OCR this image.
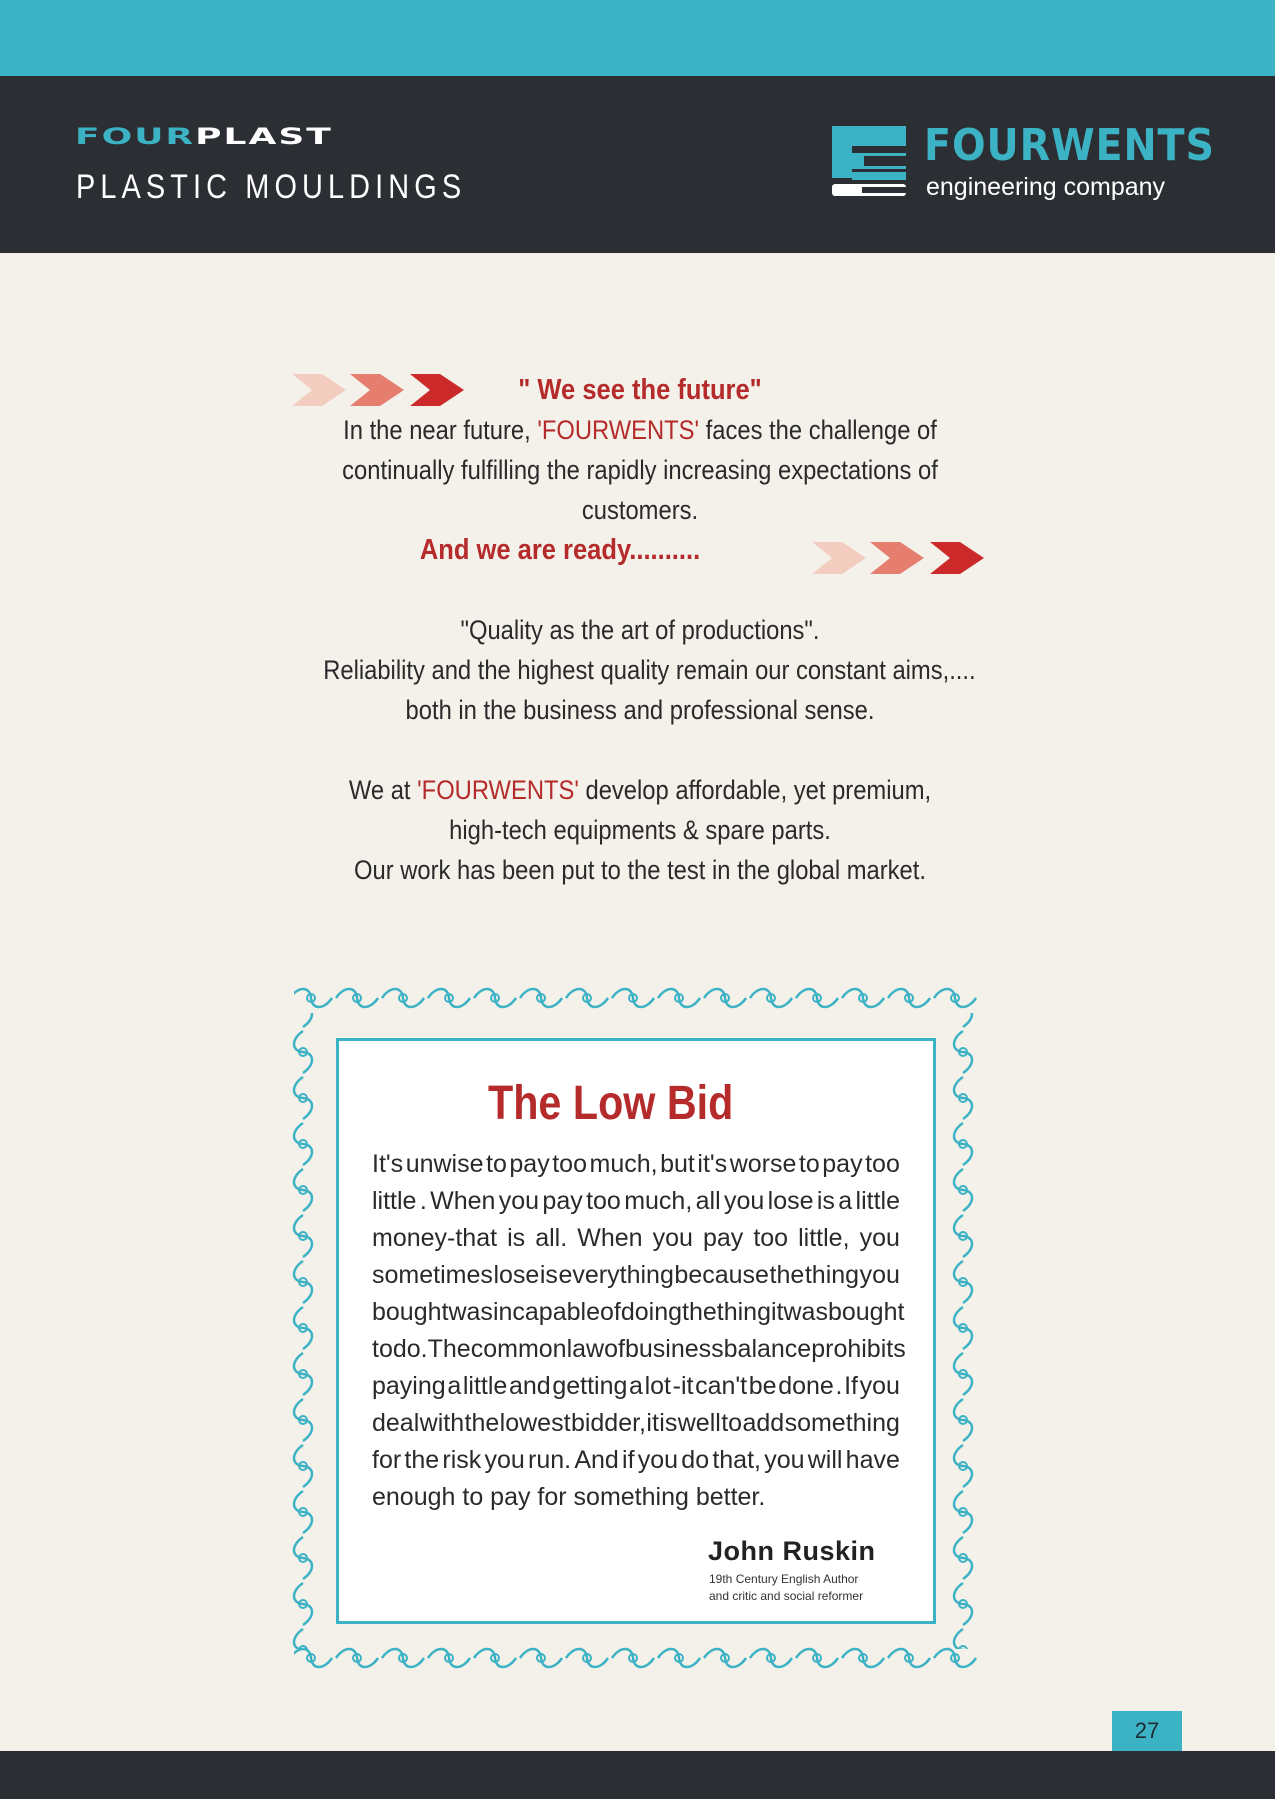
FOURPLAST
PLASTIC MOULDINGS
FOURWENTS
engineering company
" We see the future"
In the near future, 'FOURWENTS' faces the challenge of
continually fulfilling the rapidly increasing expectations of
customers.
And we are ready..........
"Quality as the art of productions".
Reliability and the highest quality remain our constant aims,....
both in the business and professional sense.
We at 'FOURWENTS' develop affordable, yet premium,
high-tech equipments & spare parts.
Our work has been put to the test in the global market.
The Low Bid
It's unwise to pay too much, but it's worse to pay too
little . When you pay too much, all you lose is a little
money-that is all. When you pay too little, you
sometimes lose is everything because the thing you
bought was incapable of doing the thing it was bought
to do. The common law of business balance prohibits
paying a little and getting a lot -it can't be done . If you
deal with the lowest bidder, it is well to add something
for the risk you run. And if you do that, you will have
enough to pay for something better.
John Ruskin
19th Century English Author
and critic and social reformer
27
